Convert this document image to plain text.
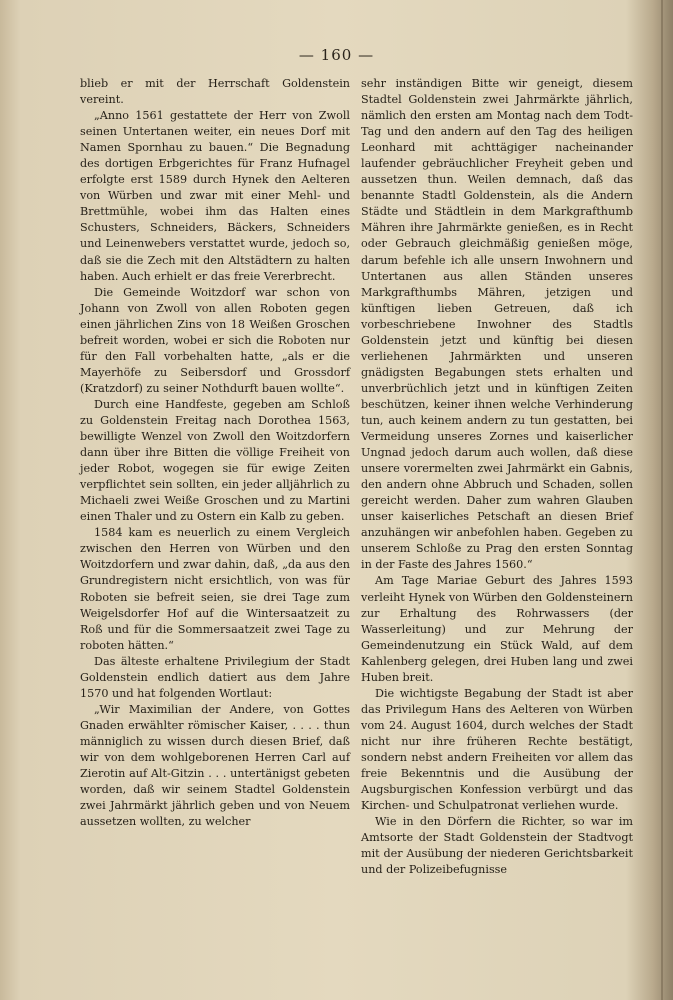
— 160 —

blieb er mit der Herrschaft Goldenstein vereint.

„Anno 1561 gestattete der Herr von Zwoll seinen Untertanen weiter, ein neues Dorf mit Namen Spornhau zu bauen.“ Die Begnadung des dortigen Erbgerichtes für Franz Hufnagel erfolgte erst 1589 durch Hynek den Aelteren von Würben und zwar mit einer Mehl- und Brettmühle, wobei ihm das Halten eines Schusters, Schneiders, Bäckers, Schneiders und Leinenwebers verstattet wurde, jedoch so, daß sie die Zech mit den Altstädtern zu halten haben. Auch erhielt er das freie Vererbrecht.

Die Gemeinde Woitzdorf war schon von Johann von Zwoll von allen Roboten gegen einen jährlichen Zins von 18 Weißen Groschen befreit worden, wobei er sich die Roboten nur für den Fall vorbehalten hatte, „als er die Mayerhöfe zu Seibersdorf und Grossdorf (Kratzdorf) zu seiner Nothdurft bauen wollte“.

Durch eine Handfeste, gegeben am Schloß zu Goldenstein Freitag nach Dorothea 1563, bewilligte Wenzel von Zwoll den Woitzdorfern dann über ihre Bitten die völlige Freiheit von jeder Robot, wogegen sie für ewige Zeiten verpflichtet sein sollten, ein jeder alljährlich zu Michaeli zwei Weiße Groschen und zu Martini einen Thaler und zu Ostern ein Kalb zu geben.

1584 kam es neuerlich zu einem Vergleich zwischen den Herren von Würben und den Woitzdorfern und zwar dahin, daß, „da aus den Grundregistern nicht ersichtlich, von was für Roboten sie befreit seien, sie drei Tage zum Weigelsdorfer Hof auf die Wintersaatzeit zu Roß und für die Sommersaatzeit zwei Tage zu roboten hätten.“

Das älteste erhaltene Privilegium der Stadt Goldenstein endlich datiert aus dem Jahre 1570 und hat folgenden Wortlaut:

„Wir Maximilian der Andere, von Gottes Gnaden erwählter römischer Kaiser, . . . . thun männiglich zu wissen durch diesen Brief, daß wir von dem wohlgeborenen Herren Carl auf Zierotin auf Alt-Gitzin . . . untertänigst gebeten worden, daß wir seinem Stadtel Goldenstein zwei Jahrmärkt jährlich geben und von Neuem aussetzen wollten, zu welcher

sehr inständigen Bitte wir geneigt, diesem Stadtel Goldenstein zwei Jahrmärkte jährlich, nämlich den ersten am Montag nach dem Todt-Tag und den andern auf den Tag des heiligen Leonhard mit achttägiger nacheinander laufender gebräuchlicher Freyheit geben und aussetzen thun. Weilen demnach, daß das benannte Stadtl Goldenstein, als die Andern Städte und Städtlein in dem Markgrafthumb Mähren ihre Jahrmärkte genießen, es in Recht oder Gebrauch gleichmäßig genießen möge, darum befehle ich alle unsern Inwohnern und Untertanen aus allen Ständen unseres Markgrafthumbs Mähren, jetzigen und künftigen lieben Getreuen, daß ich vorbeschriebene Inwohner des Stadtls Goldenstein jetzt und künftig bei diesen verliehenen Jahrmärkten und unseren gnädigsten Begabungen stets erhalten und unverbrüchlich jetzt und in künftigen Zeiten beschützen, keiner ihnen welche Verhinderung tun, auch keinem andern zu tun gestatten, bei Vermeidung unseres Zornes und kaiserlicher Ungnad jedoch darum auch wollen, daß diese unsere vorermelten zwei Jahrmärkt ein Gabnis, den andern ohne Abbruch und Schaden, sollen gereicht werden. Daher zum wahren Glauben unser kaiserliches Petschaft an diesen Brief anzuhängen wir anbefohlen haben. Gegeben zu unserem Schloße zu Prag den ersten Sonntag in der Faste des Jahres 1560.“

Am Tage Mariae Geburt des Jahres 1593 verleiht Hynek von Würben den Goldensteinern zur Erhaltung des Rohrwassers (der Wasserleitung) und zur Mehrung der Gemeindenutzung ein Stück Wald, auf dem Kahlenberg gelegen, drei Huben lang und zwei Huben breit.

Die wichtigste Begabung der Stadt ist aber das Privilegum Hans des Aelteren von Würben vom 24. August 1604, durch welches der Stadt nicht nur ihre früheren Rechte bestätigt, sondern nebst andern Freiheiten vor allem das freie Bekenntnis und die Ausübung der Augsburgischen Konfession verbürgt und das Kirchen- und Schulpatronat verliehen wurde.

Wie in den Dörfern die Richter, so war im Amtsorte der Stadt Goldenstein der Stadtvogt mit der Ausübung der niederen Gerichtsbarkeit und der Polizeibefugnisse
